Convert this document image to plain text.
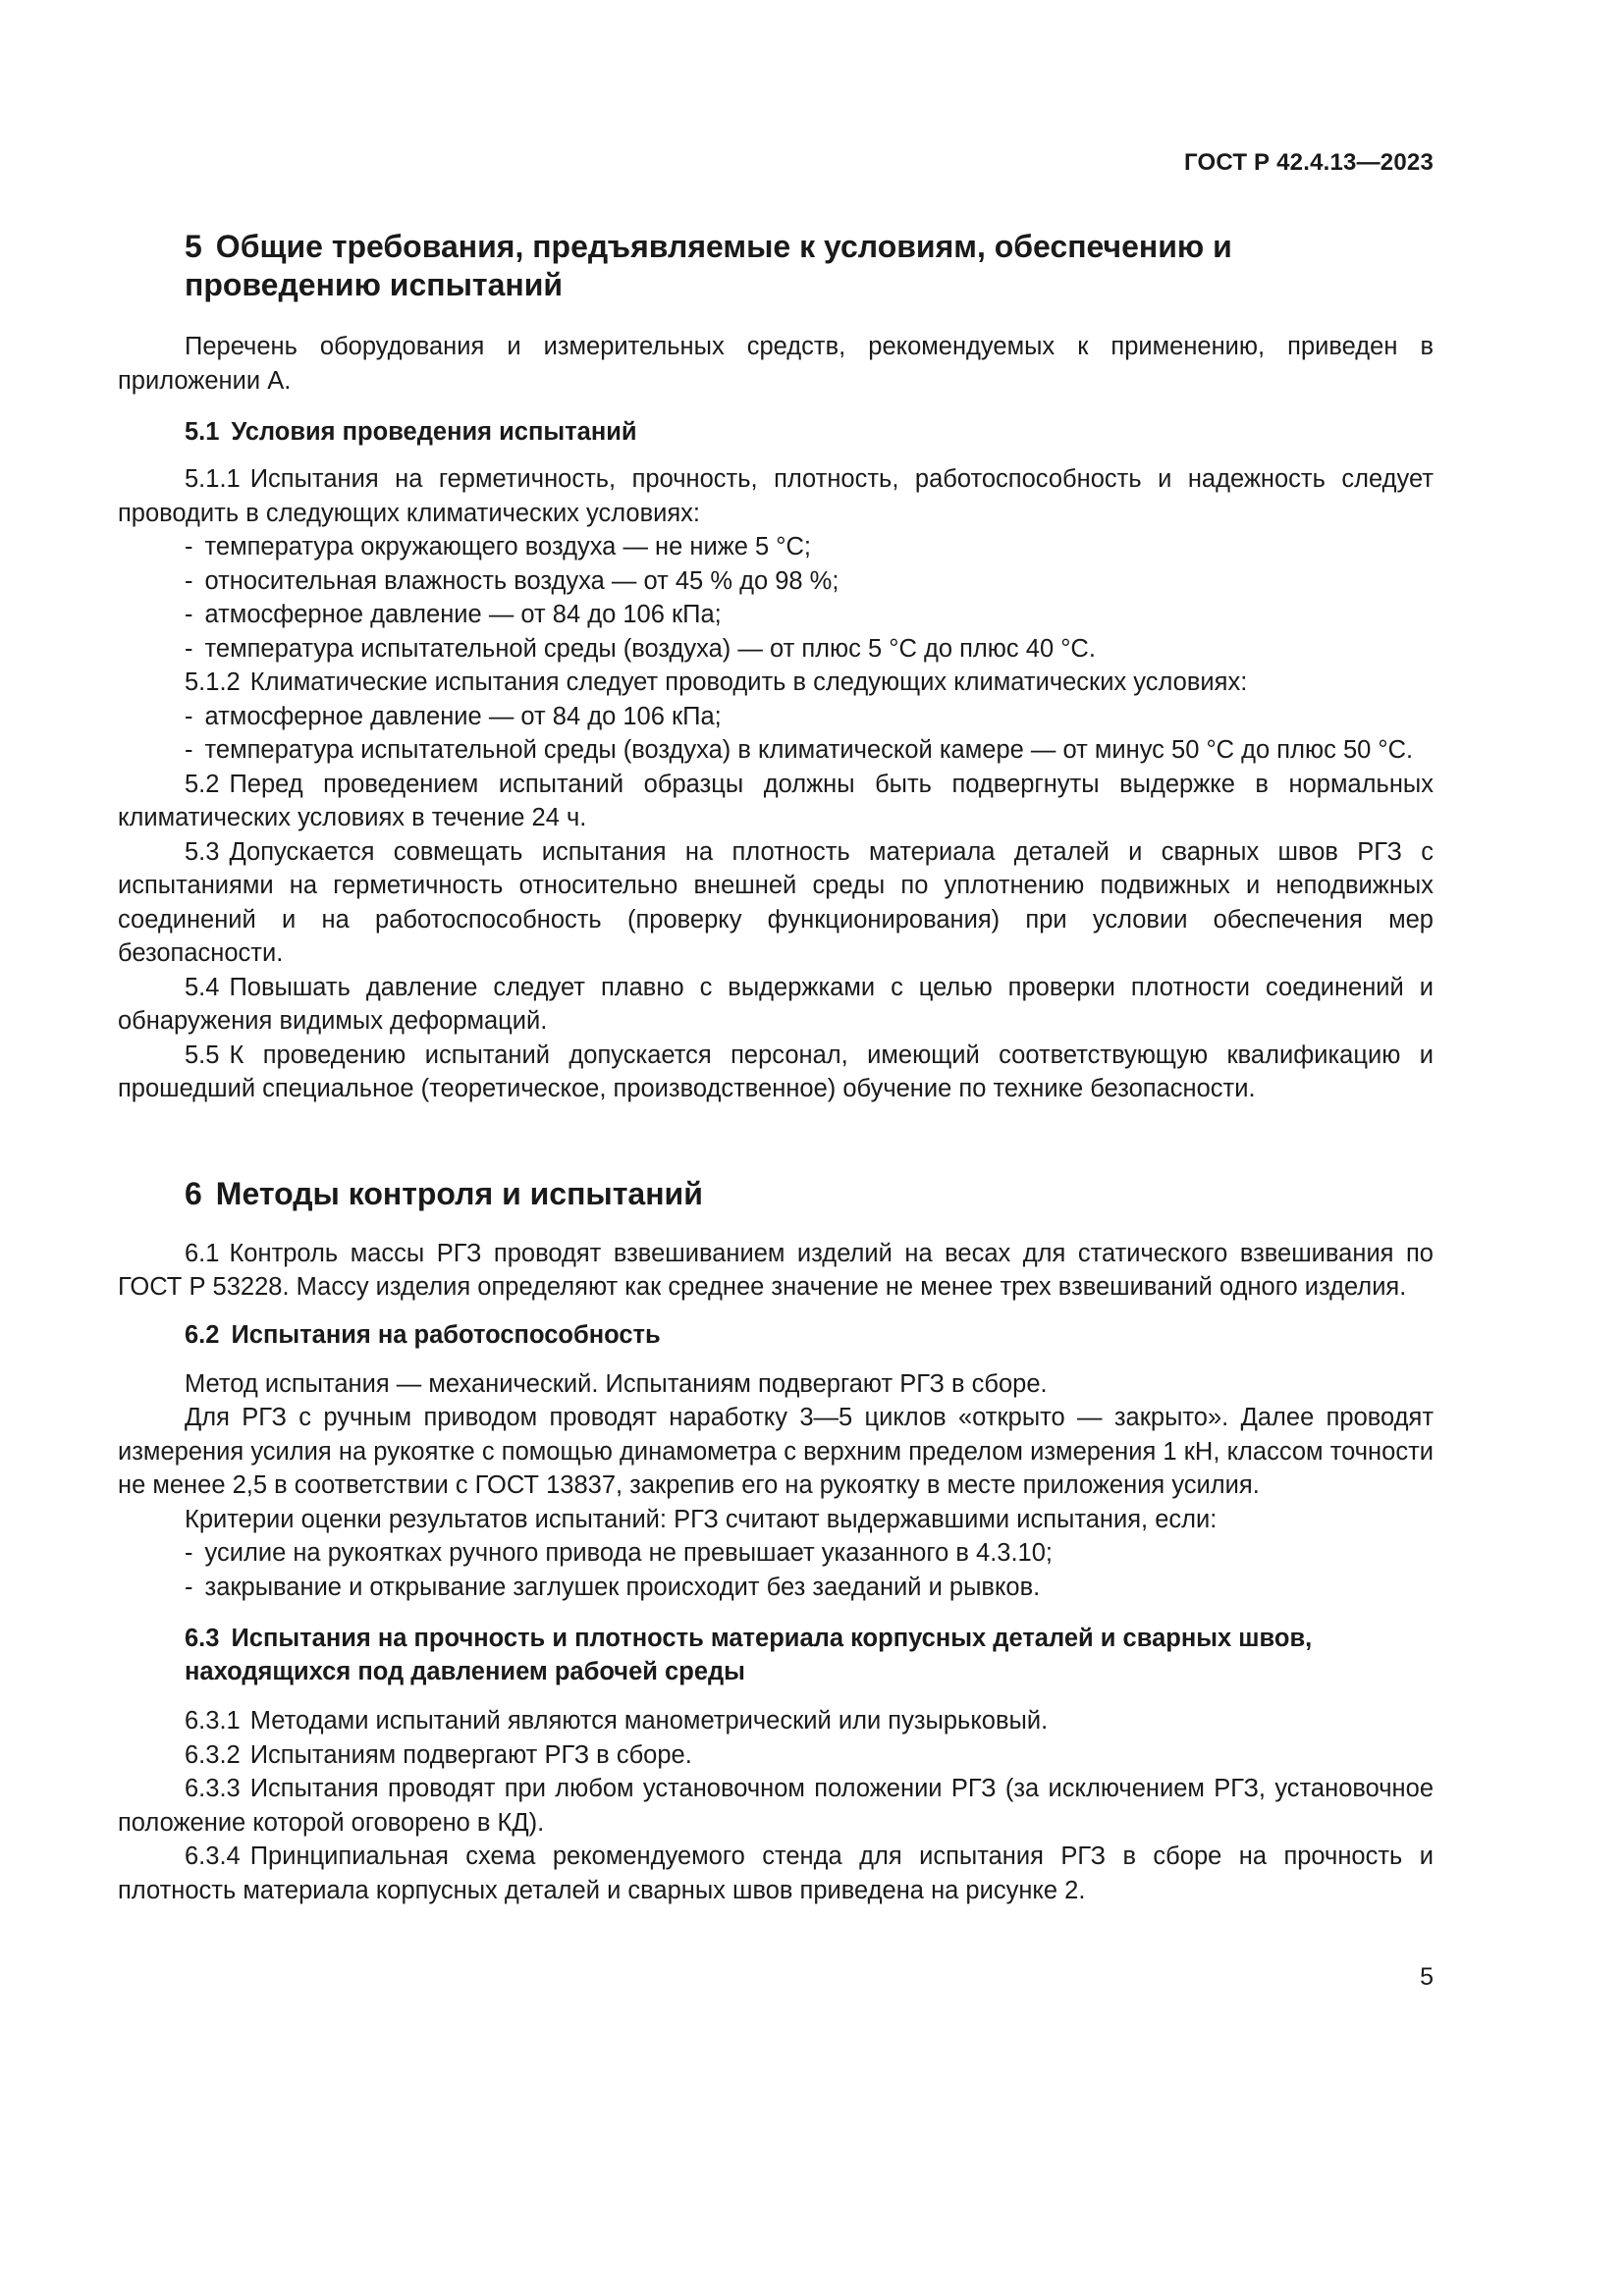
ГОСТ Р 42.4.13—2023
5 Общие требования, предъявляемые к условиям, обеспечению и проведению испытаний

Перечень оборудования и измерительных средств, рекомендуемых к применению, приведен в приложении А.

5.1 Условия проведения испытаний

5.1.1 Испытания на герметичность, прочность, плотность, работоспособность и надежность следует проводить в следующих климатических условиях:

- температура окружающего воздуха — не ниже 5 °С;
- относительная влажность воздуха — от 45 % до 98 %;
- атмосферное давление — от 84 до 106 кПа;
- температура испытательной среды (воздуха) — от плюс 5 °С до плюс 40 °С.

5.1.2 Климатические испытания следует проводить в следующих климатических условиях:

- атмосферное давление — от 84 до 106 кПа;
- температура испытательной среды (воздуха) в климатической камере — от минус 50 °С до плюс 50 °С.

5.2 Перед проведением испытаний образцы должны быть подвергнуты выдержке в нормальных климатических условиях в течение 24 ч.

5.3 Допускается совмещать испытания на плотность материала деталей и сварных швов РГЗ с испытаниями на герметичность относительно внешней среды по уплотнению подвижных и неподвижных соединений и на работоспособность (проверку функционирования) при условии обеспечения мер безопасности.

5.4 Повышать давление следует плавно с выдержками с целью проверки плотности соединений и обнаружения видимых деформаций.

5.5 К проведению испытаний допускается персонал, имеющий соответствующую квалификацию и прошедший специальное (теоретическое, производственное) обучение по технике безопасности.

6 Методы контроля и испытаний

6.1 Контроль массы РГЗ проводят взвешиванием изделий на весах для статического взвешивания по ГОСТ Р 53228. Массу изделия определяют как среднее значение не менее трех взвешиваний одного изделия.

6.2 Испытания на работоспособность

Метод испытания — механический. Испытаниям подвергают РГЗ в сборе.

Для РГЗ с ручным приводом проводят наработку 3—5 циклов «открыто — закрыто». Далее проводят измерения усилия на рукоятке с помощью динамометра с верхним пределом измерения 1 кН, классом точности не менее 2,5 в соответствии с ГОСТ 13837, закрепив его на рукоятку в месте приложения усилия.

Критерии оценки результатов испытаний: РГЗ считают выдержавшими испытания, если:

- усилие на рукоятках ручного привода не превышает указанного в 4.3.10;
- закрывание и открывание заглушек происходит без заеданий и рывков.
6.3 Испытания на прочность и плотность материала корпусных деталей и сварных швов, находящихся под давлением рабочей среды

6.3.1 Методами испытаний являются манометрический или пузырьковый.

6.3.2 Испытаниям подвергают РГЗ в сборе.

6.3.3 Испытания проводят при любом установочном положении РГЗ (за исключением РГЗ, установочное положение которой оговорено в КД).

6.3.4 Принципиальная схема рекомендуемого стенда для испытания РГЗ в сборе на прочность и плотность материала корпусных деталей и сварных швов приведена на рисунке 2.

5
